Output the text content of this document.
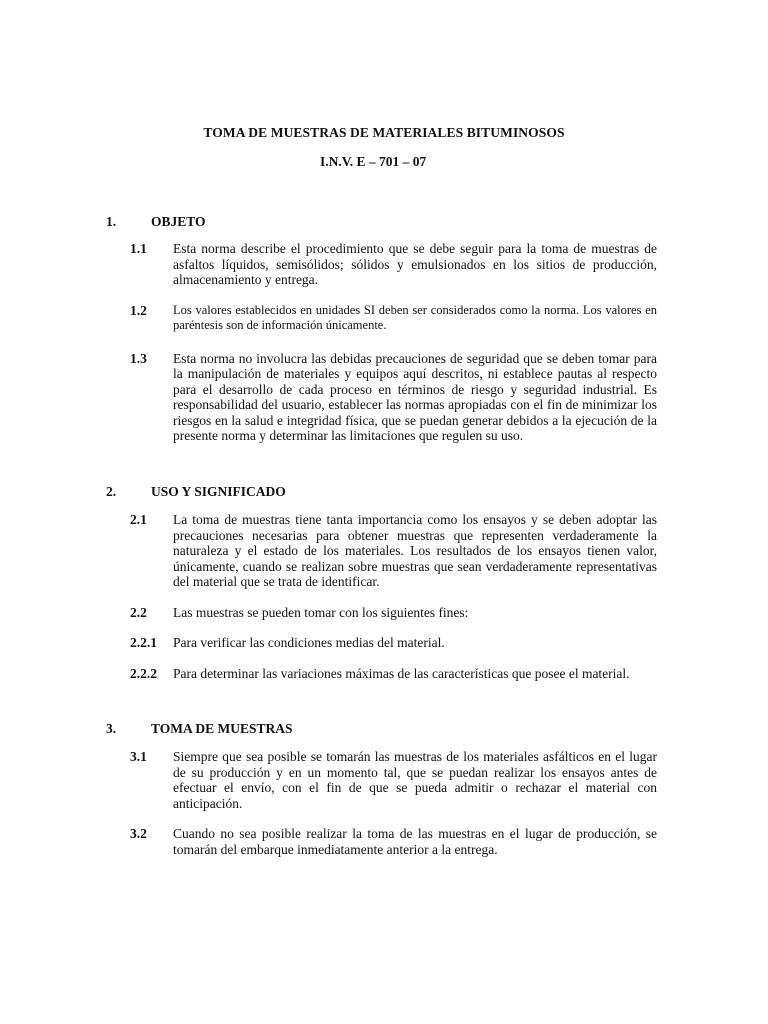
TOMA DE MUESTRAS DE MATERIALES BITUMINOSOS
I.N.V. E – 701 – 07
1.	OBJETO
1.1 Esta norma describe el procedimiento que se debe seguir para la toma de muestras de asfaltos líquidos, semisólidos; sólidos y emulsionados en los sitios de producción, almacenamiento y entrega.
1.2 Los valores establecidos en unidades SI deben ser considerados como la norma. Los valores en paréntesis son de información únicamente.
1.3 Esta norma no involucra las debidas precauciones de seguridad que se deben tomar para la manipulación de materiales y equipos aquí descritos, ni establece pautas al respecto para el desarrollo de cada proceso en términos de riesgo y seguridad industrial. Es responsabilidad del usuario, establecer las normas apropiadas con el fin de minimizar los riesgos en la salud e integridad física, que se puedan generar debidos a la ejecución de la presente norma y determinar las limitaciones que regulen su uso.
2.	USO Y SIGNIFICADO
2.1 La toma de muestras tiene tanta importancia como los ensayos y se deben adoptar las precauciones necesarias para obtener muestras que representen verdaderamente la naturaleza y el estado de los materiales. Los resultados de los ensayos tienen valor, únicamente, cuando se realizan sobre muestras que sean verdaderamente representativas del material que se trata de identificar.
2.2 Las muestras se pueden tomar con los siguientes fines:
2.2.1 Para verificar las condiciones medias del material.
2.2.2 Para determinar las variaciones máximas de las características que posee el material.
3.	TOMA DE MUESTRAS
3.1 Siempre que sea posible se tomarán las muestras de los materiales asfálticos en el lugar de su producción y en un momento tal, que se puedan realizar los ensayos antes de efectuar el envío, con el fin de que se pueda admitir o rechazar el material con anticipación.
3.2 Cuando no sea posible realizar la toma de las muestras en el lugar de producción, se tomarán del embarque inmediatamente anterior a la entrega.
